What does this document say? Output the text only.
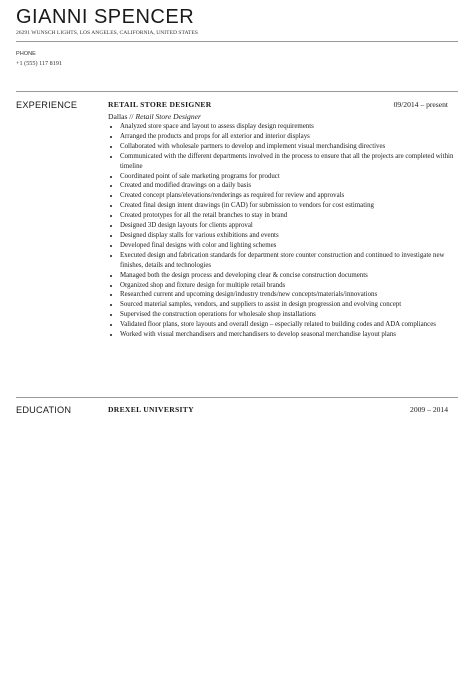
GIANNI SPENCER
26291 WUNSCH LIGHTS, LOS ANGELES, CALIFORNIA, UNITED STATES
PHONE
+1 (555) 117 8191
EXPERIENCE	RETAIL STORE DESIGNER	09/2014 – present
Dallas // Retail Store Designer
• Analyzed store space and layout to assess display design requirements
• Arranged the products and props for all exterior and interior displays
• Collaborated with wholesale partners to develop and implement visual merchandising directives
• Communicated with the different departments involved in the process to ensure that all the projects are completed within timeline
• Coordinated point of sale marketing programs for product
• Created and modified drawings on a daily basis
• Created concept plans/elevations/renderings as required for review and approvals
• Created final design intent drawings (in CAD) for submission to vendors for cost estimating
• Created prototypes for all the retail branches to stay in brand
• Designed 3D design layouts for clients approval
• Designed display stalls for various exhibitions and events
• Developed final designs with color and lighting schemes
• Executed design and fabrication standards for department store counter construction and continued to investigate new finishes, details and technologies
• Managed both the design process and developing clear & concise construction documents
• Organized shop and fixture design for multiple retail brands
• Researched current and upcoming design/industry trends/new concepts/materials/innovations
• Sourced material samples, vendors, and suppliers to assist in design progression and evolving concept
• Supervised the construction operations for wholesale shop installations
• Validated floor plans, store layouts and overall design – especially related to building codes and ADA compliances
• Worked with visual merchandisers and merchandisers to develop seasonal merchandise layout plans
EDUCATION	DREXEL UNIVERSITY	2009 – 2014
